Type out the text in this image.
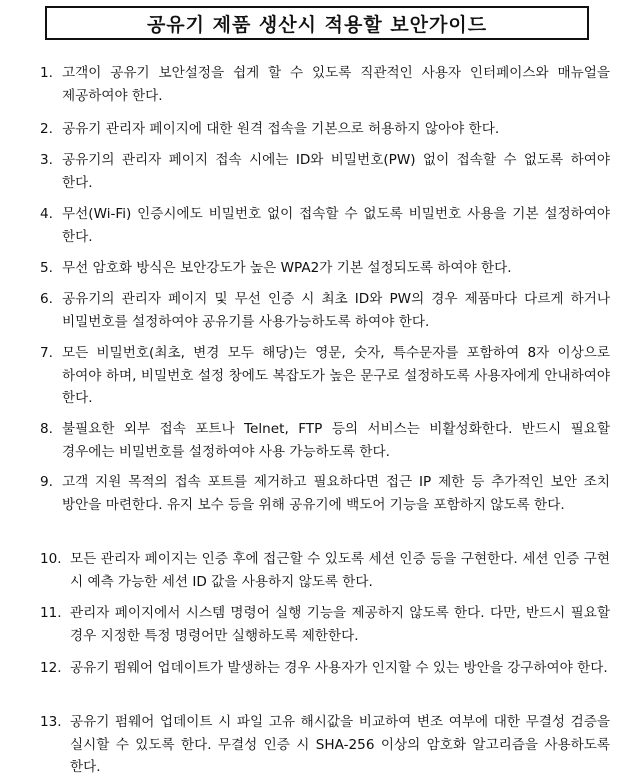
공유기 제품 생산시 적용할 보안가이드
1. 고객이 공유기 보안설정을 쉽게 할 수 있도록 직관적인 사용자 인터페이스와 매뉴얼을 제공하여야 한다.
2. 공유기 관리자 페이지에 대한 원격 접속을 기본으로 허용하지 않아야 한다.
3. 공유기의 관리자 페이지 접속 시에는 ID와 비밀번호(PW) 없이 접속할 수 없도록 하여야 한다.
4. 무선(Wi-Fi) 인증시에도 비밀번호 없이 접속할 수 없도록 비밀번호 사용을 기본 설정하여야 한다.
5. 무선 암호화 방식은 보안강도가 높은 WPA2가 기본 설정되도록 하여야 한다.
6. 공유기의 관리자 페이지 및 무선 인증 시 최초 ID와 PW의 경우 제품마다 다르게 하거나 비밀번호를 설정하여야 공유기를 사용가능하도록 하여야 한다.
7. 모든 비밀번호(최초, 변경 모두 해당)는 영문, 숫자, 특수문자를 포함하여 8자 이상으로 하여야 하며, 비밀번호 설정 창에도 복잡도가 높은 문구로 설정하도록 사용자에게 안내하여야 한다.
8. 불필요한 외부 접속 포트나 Telnet, FTP 등의 서비스는 비활성화한다. 반드시 필요할 경우에는 비밀번호를 설정하여야 사용 가능하도록 한다.
9. 고객 지원 목적의 접속 포트를 제거하고 필요하다면 접근 IP 제한 등 추가적인 보안 조치 방안을 마련한다. 유지 보수 등을 위해 공유기에 백도어 기능을 포함하지 않도록 한다.
10. 모든 관리자 페이지는 인증 후에 접근할 수 있도록 세션 인증 등을 구현한다. 세션 인증 구현 시 예측 가능한 세션 ID 값을 사용하지 않도록 한다.
11. 관리자 페이지에서 시스템 명령어 실행 기능을 제공하지 않도록 한다. 다만, 반드시 필요할 경우 지정한 특정 명령어만 실행하도록 제한한다.
12. 공유기 펌웨어 업데이트가 발생하는 경우 사용자가 인지할 수 있는 방안을 강구하여야 한다.
13. 공유기 펌웨어 업데이트 시 파일 고유 해시값을 비교하여 변조 여부에 대한 무결성 검증을 실시할 수 있도록 한다. 무결성 인증 시 SHA-256 이상의 암호화 알고리즘을 사용하도록 한다.
